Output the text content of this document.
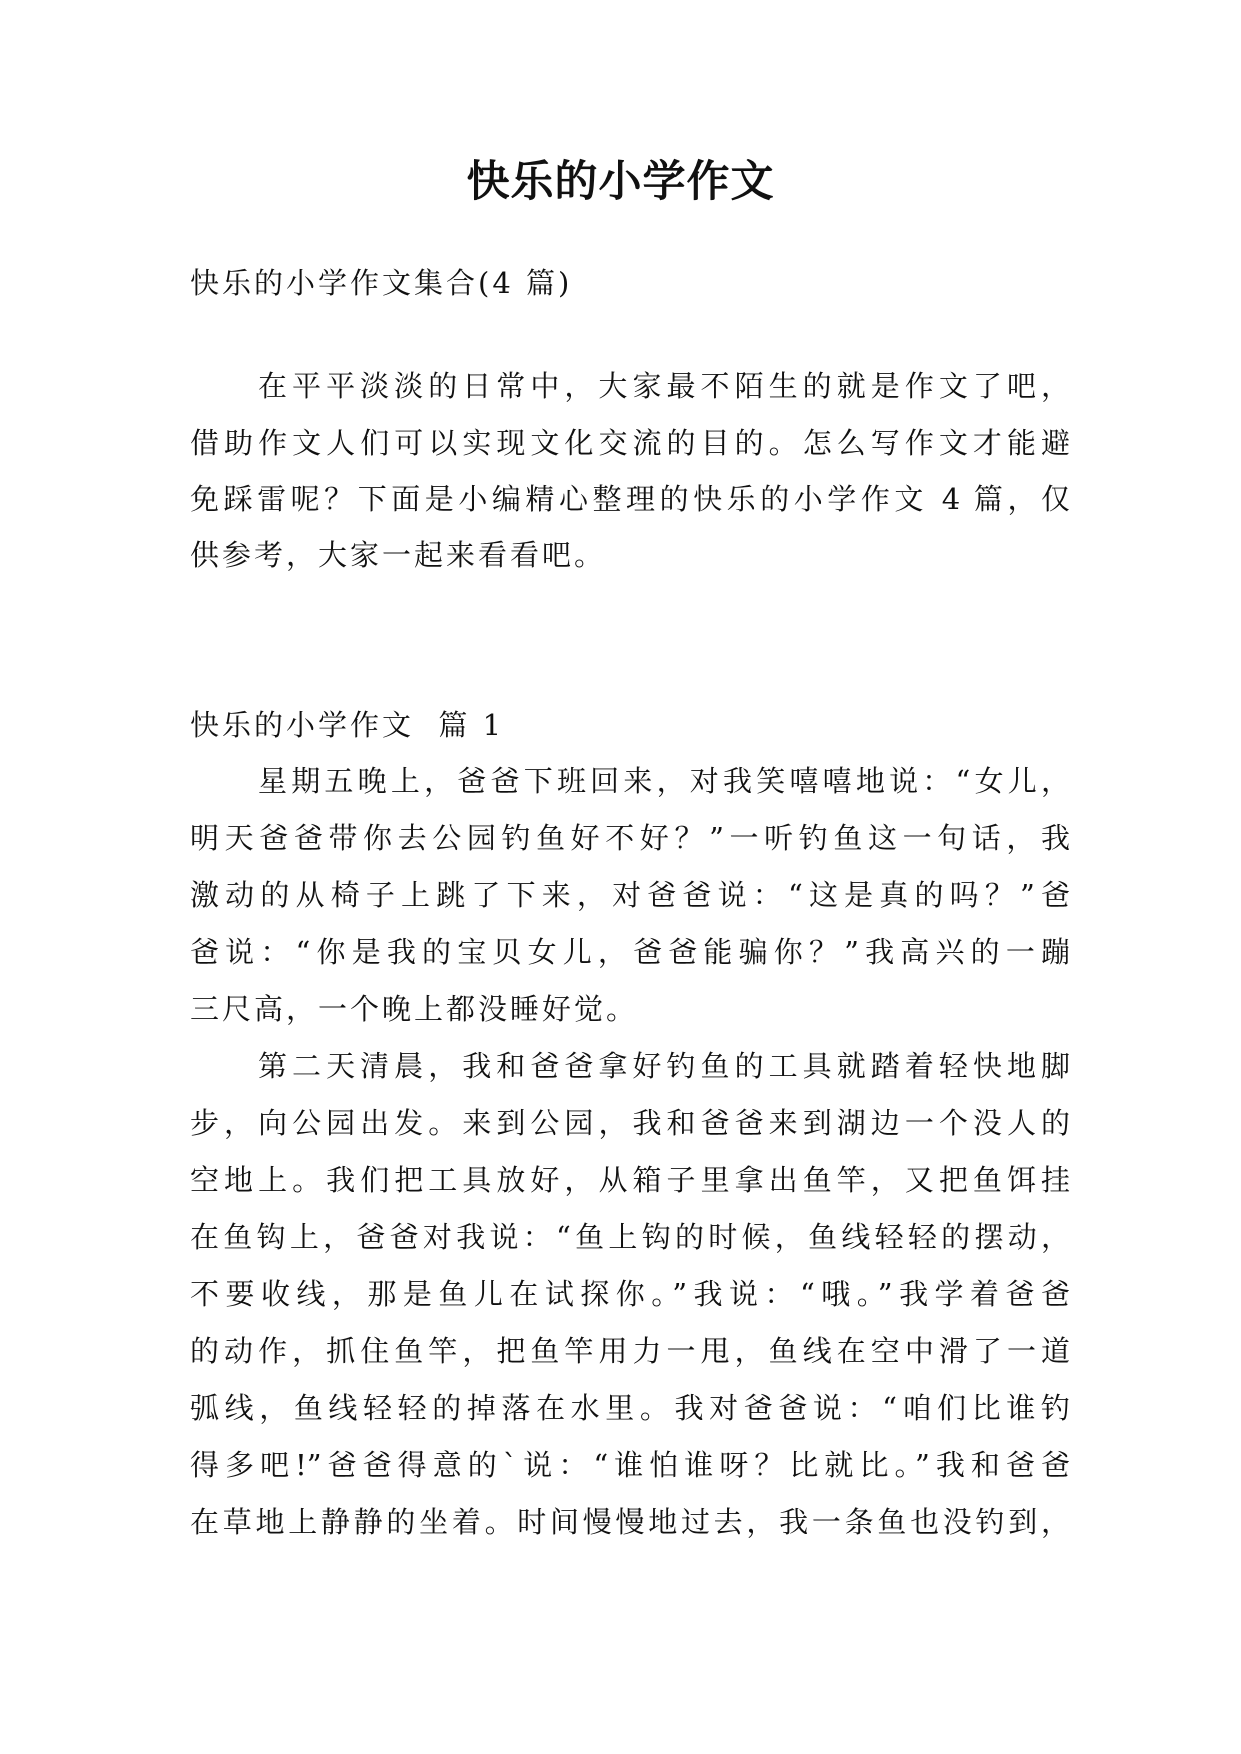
快乐的小学作文
快乐的小学作文集合(4 篇)
在平平淡淡的日常中，大家最不陌生的就是作文了吧，
借助作文人们可以实现文化交流的目的。怎么写作文才能避
免踩雷呢？下面是小编精心整理的快乐的小学作文 4 篇，仅
供参考，大家一起来看看吧。
快乐的小学作文  篇 1
星期五晚上，爸爸下班回来，对我笑嘻嘻地说：“女儿，
明天爸爸带你去公园钓鱼好不好？”一听钓鱼这一句话，我
激动的从椅子上跳了下来，对爸爸说：“这是真的吗？”爸
爸说：“你是我的宝贝女儿，爸爸能骗你？”我高兴的一蹦
三尺高，一个晚上都没睡好觉。
第二天清晨，我和爸爸拿好钓鱼的工具就踏着轻快地脚
步，向公园出发。来到公园，我和爸爸来到湖边一个没人的
空地上。我们把工具放好，从箱子里拿出鱼竿，又把鱼饵挂
在鱼钩上，爸爸对我说：“鱼上钩的时候，鱼线轻轻的摆动，
不要收线，那是鱼儿在试探你。”我说：“哦。”我学着爸爸
的动作，抓住鱼竿，把鱼竿用力一甩，鱼线在空中滑了一道
弧线，鱼线轻轻的掉落在水里。我对爸爸说：“咱们比谁钓
得多吧!”爸爸得意的`说：“谁怕谁呀？比就比。”我和爸爸
在草地上静静的坐着。时间慢慢地过去，我一条鱼也没钓到，
